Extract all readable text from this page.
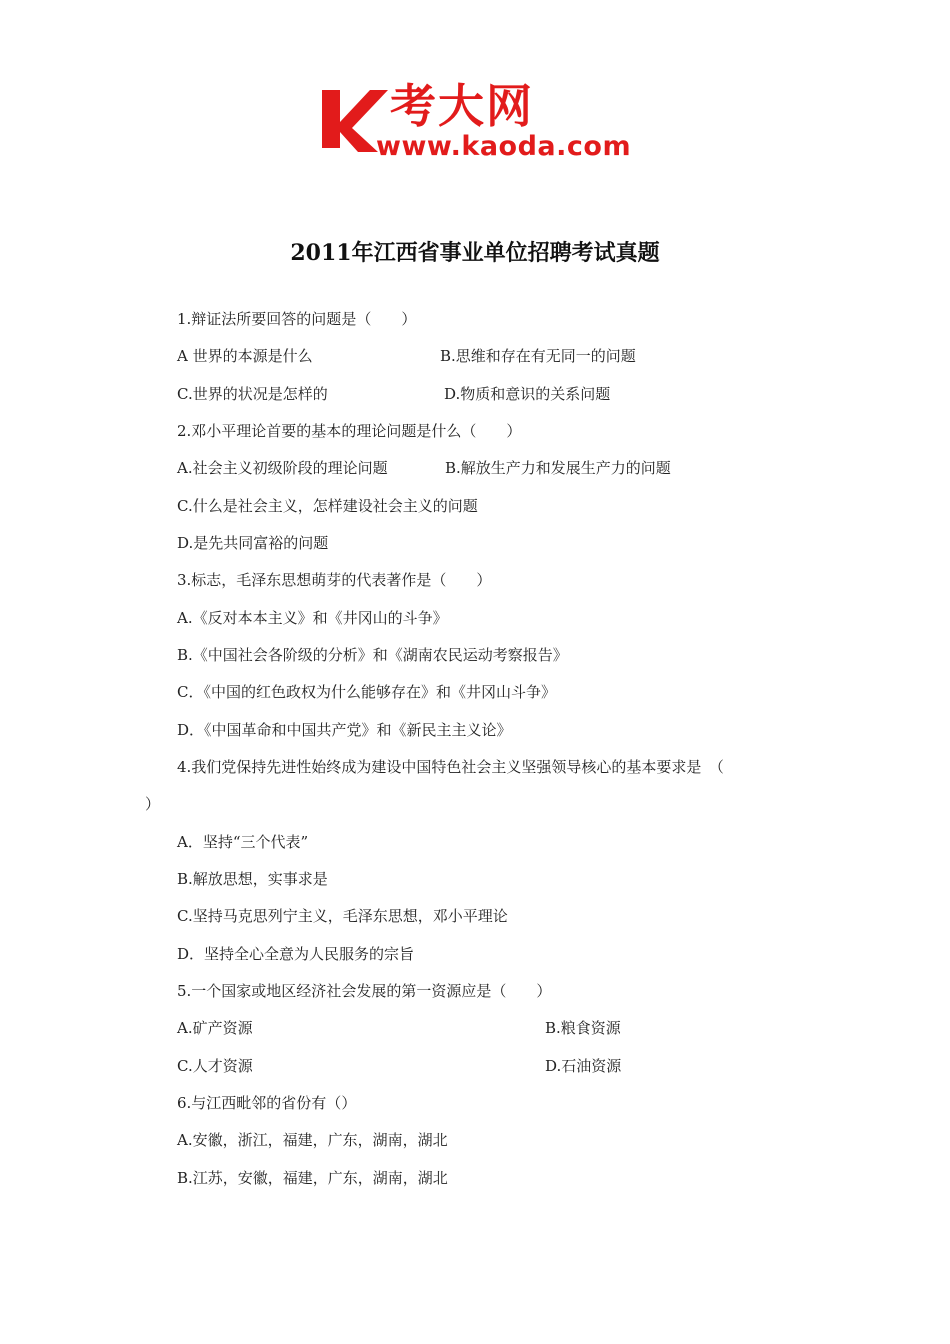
考大网
www.kaoda.com
2011年江西省事业单位招聘考试真题
1.辩证法所要回答的问题是（　　）
A 世界的本源是什么	B.思维和存在有无同一的问题
C.世界的状况是怎样的	D.物质和意识的关系问题
2.邓小平理论首要的基本的理论问题是什么（　　）
A.社会主义初级阶段的理论问题	B.解放生产力和发展生产力的问题
C.什么是社会主义，怎样建设社会主义的问题
D.是先共同富裕的问题
3.标志，毛泽东思想萌芽的代表著作是（　　）
A.《反对本本主义》和《井冈山的斗争》
B.《中国社会各阶级的分析》和《湖南农民运动考察报告》
C．《中国的红色政权为什么能够存在》和《井冈山斗争》
D．《中国革命和中国共产党》和《新民主主义论》
4.我们党保持先进性始终成为建设中国特色社会主义坚强领导核心的基本要求是　（
）
A．坚持“三个代表”
B.解放思想，实事求是
C.坚持马克思列宁主义，毛泽东思想，邓小平理论
D．坚持全心全意为人民服务的宗旨
5.一个国家或地区经济社会发展的第一资源应是（　　）
A.矿产资源	B.粮食资源
C.人才资源	D.石油资源
6.与江西毗邻的省份有（）
A.安徽，浙江，福建，广东，湖南，湖北
B.江苏，安徽，福建，广东，湖南，湖北
